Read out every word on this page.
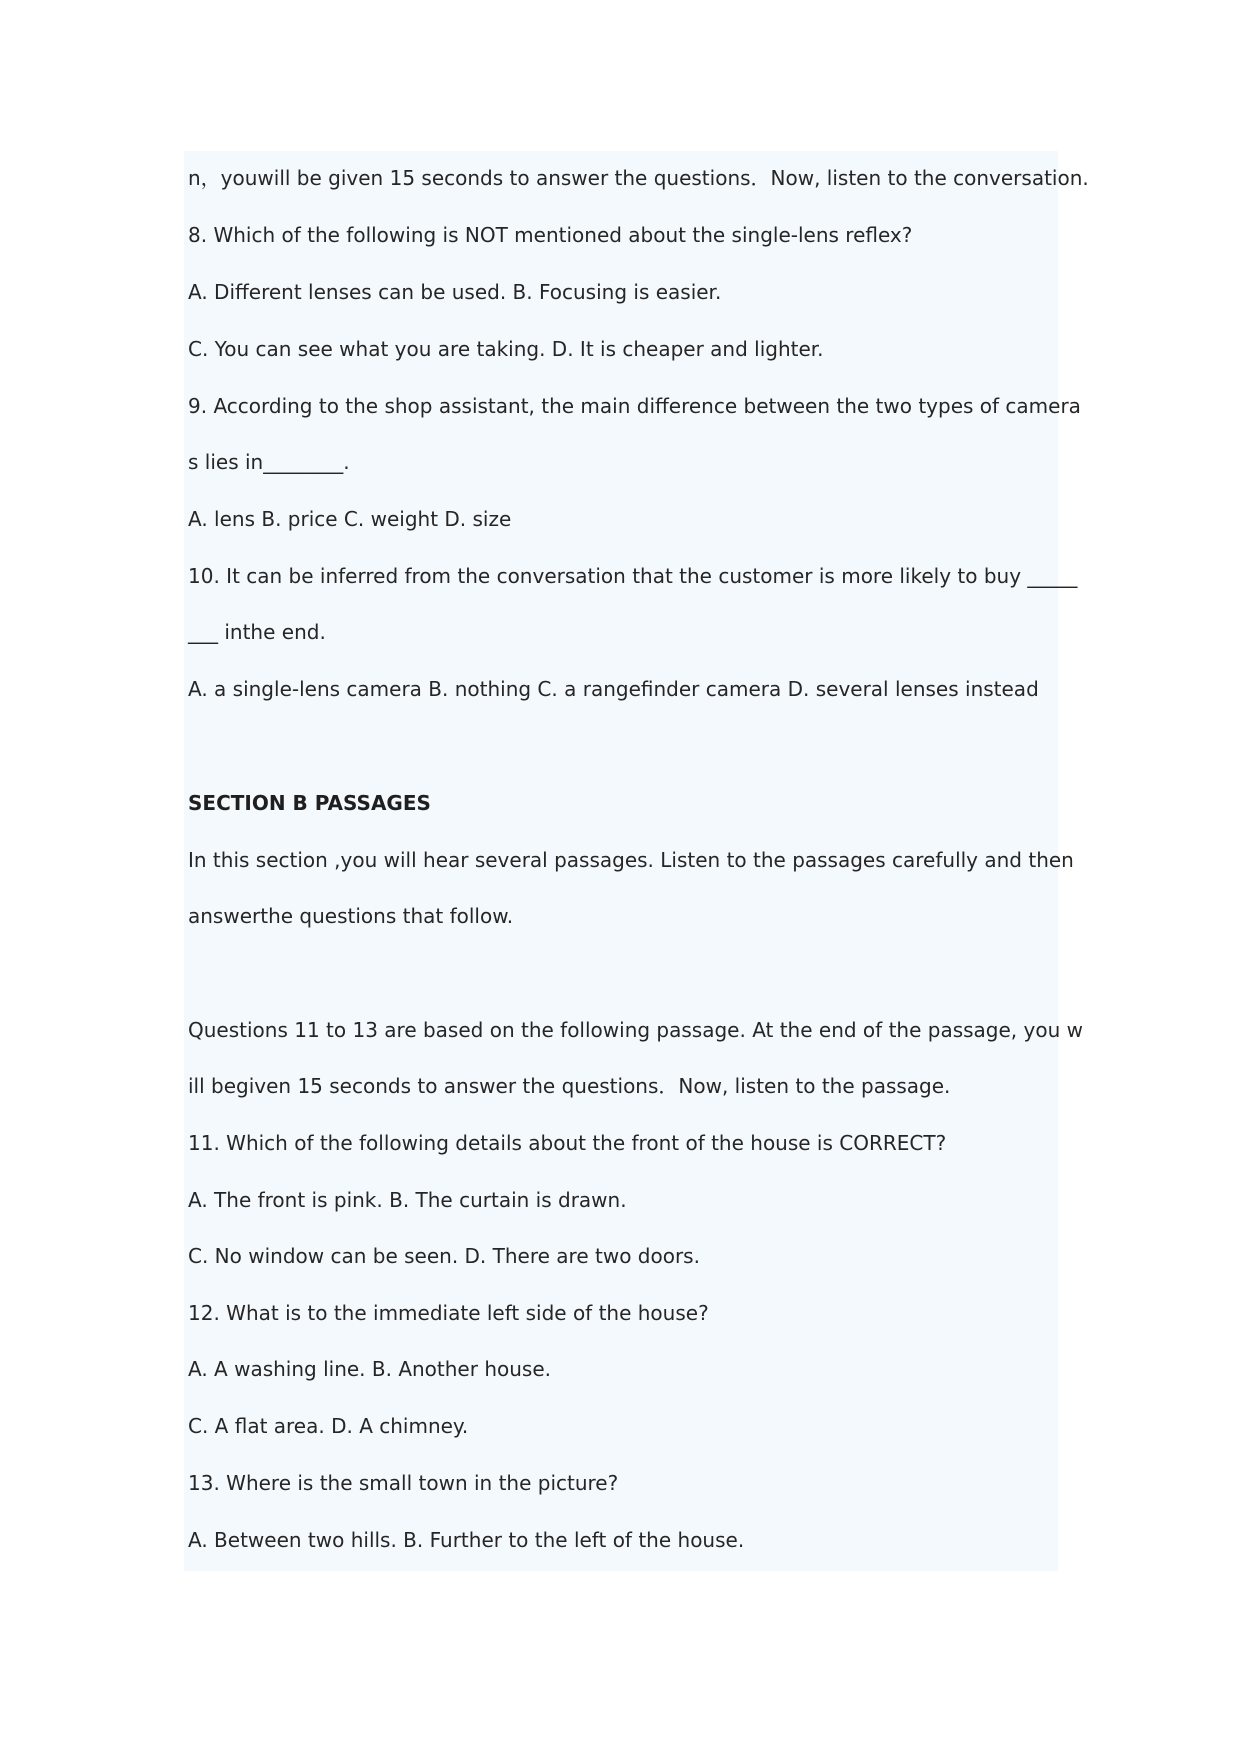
n，youwill be given 15 seconds to answer the questions．Now, listen to the conversation.
8. Which of the following is NOT mentioned about the single-lens reflex?
A. Different lenses can be used. B. Focusing is easier.
C. You can see what you are taking. D. It is cheaper and lighter.
9. According to the shop assistant, the main difference between the two types of camera
s lies in________.
A. lens B. price C. weight D. size
10. It can be inferred from the conversation that the customer is more likely to buy _____
___ inthe end.
A. a single-lens camera B. nothing C. a rangefinder camera D. several lenses instead
SECTION B PASSAGES
In this section ,you will hear several passages. Listen to the passages carefully and then
answerthe questions that follow.
Questions 11 to 13 are based on the following passage. At the end of the passage, you w
ill begiven 15 seconds to answer the questions．Now, listen to the passage.
11. Which of the following details about the front of the house is CORRECT?
A. The front is pink. B. The curtain is drawn.
C. No window can be seen. D. There are two doors.
12. What is to the immediate left side of the house?
A. A washing line. B. Another house.
C. A flat area. D. A chimney.
13. Where is the small town in the picture?
A. Between two hills. B. Further to the left of the house.
